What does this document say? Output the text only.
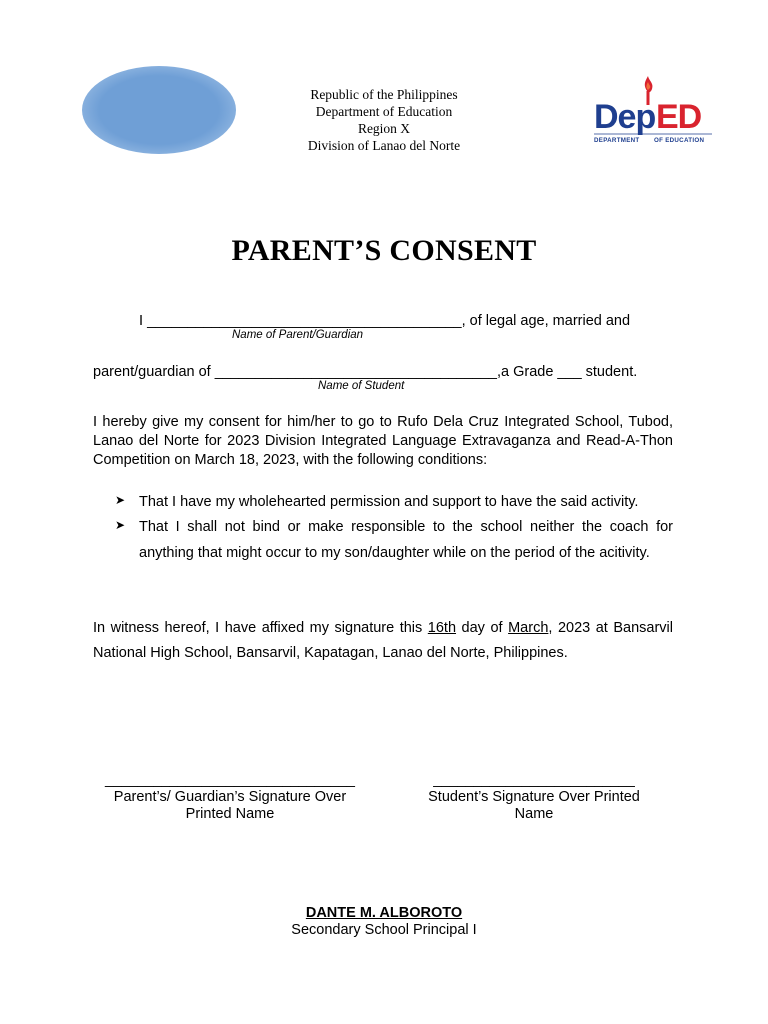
Republic of the Philippines
Department of Education
Region X
Division of Lanao del Norte
Dep ED
DEPARTMENT OF EDUCATION
PARENT’S CONSENT
I _______________________________________, of legal age, married and
Name of Parent/Guardian
parent/guardian of ___________________________________,a Grade ___ student.
Name of Student
I hereby give my consent for him/her to go to Rufo Dela Cruz Integrated School, Tubod, Lanao del Norte for 2023 Division Integrated Language Extravaganza and Read-A-Thon Competition on March 18, 2023, with the following conditions:
➤ That I have my wholehearted permission and support to have the said activity.
➤ That I shall not bind or make responsible to the school neither the coach for anything that might occur to my son/daughter while on the period of the acitivity.
In witness hereof, I have affixed my signature this 16th day of March, 2023 at Bansarvil National High School, Bansarvil, Kapatagan, Lanao del Norte, Philippines.
_______________________________
Parent’s/ Guardian’s Signature Over
Printed Name
_________________________
Student’s Signature Over Printed
Name
DANTE M. ALBOROTO
Secondary School Principal I
